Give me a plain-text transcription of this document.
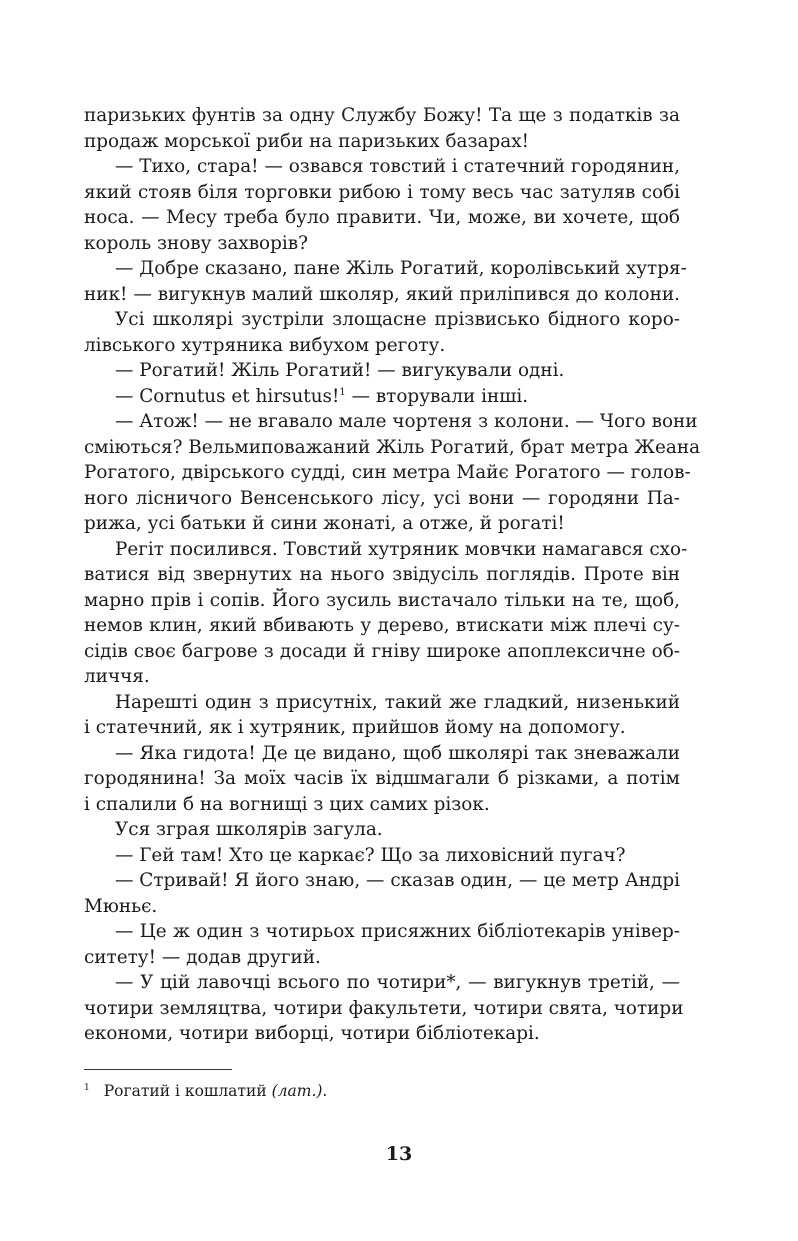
паризьких фунтів за одну Службу Божу! Та ще з податків за
продаж морської риби на паризьких базарах!
— Тихо, стара! — озвався товстий і статечний городянин,
який стояв біля торговки рибою і тому весь час затуляв собі
носа. — Месу треба було правити. Чи, може, ви хочете, щоб
король знову захворів?
— Добре сказано, пане Жіль Рогатий, королівський хутря-
ник! — вигукнув малий школяр, який приліпився до колони.
Усі школярі зустріли злощасне прізвисько бідного коро-
лівського хутряника вибухом реготу.
— Рогатий! Жіль Рогатий! — вигукували одні.
— Cornutus et hirsutus!$^1$ — вторували інші.
— Атож! — не вгавало мале чортеня з колони. — Чого вони
сміються? Вельмиповажаний Жіль Рогатий, брат метра Жеана
Рогатого, двірського судді, син метра Майє Рогатого — голов-
ного лісничого Венсенського лісу, усі вони — городяни Па-
рижа, усі батьки й сини жонаті, а отже, й рогаті!
Регіт посилився. Товстий хутряник мовчки намагався схо-
ватися від звернутих на нього звідусіль поглядів. Проте він
марно прів і сопів. Його зусиль вистачало тільки на те, щоб,
немов клин, який вбивають у дерево, втискати між плечі су-
сідів своє багрове з досади й гніву широке апоплексичне об-
личчя.
Нарешті один з присутніх, такий же гладкий, низенький
і статечний, як і хутряник, прийшов йому на допомогу.
— Яка гидота! Де це видано, щоб школярі так зневажали
городянина! За моїх часів їх відшмагали б різками, а потім
і спалили б на вогнищі з цих самих різок.
Уся зграя школярів загула.
— Гей там! Хто це каркає? Що за лиховісний пугач?
— Стривай! Я його знаю, — сказав один, — це метр Андрі
Мюньє.
— Це ж один з чотирьох присяжних бібліотекарів універ-
ситету! — додав другий.
— У цій лавочці всього по чотири*, — вигукнув третій, —
чотири земляцтва, чотири факультети, чотири свята, чотири
економи, чотири виборці, чотири бібліотекарі.
$^1$ Рогатий і кошлатий (лат.).
13
